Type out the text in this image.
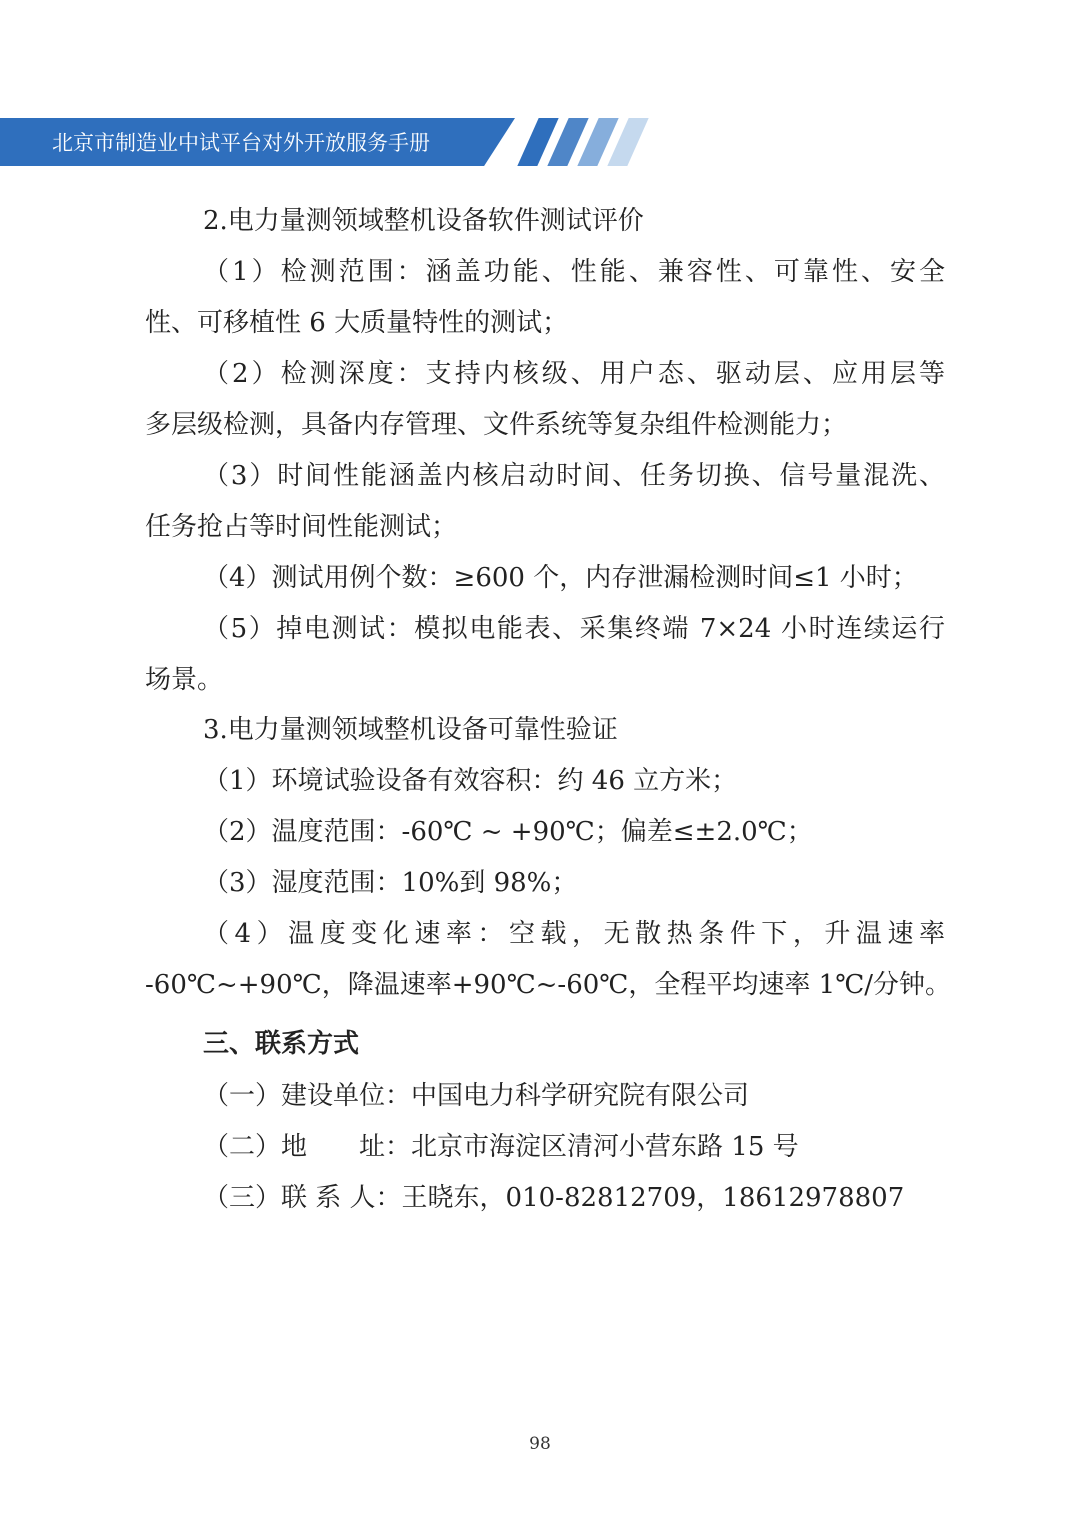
北京市制造业中试平台对外开放服务手册
2.电力量测领域整机设备软件测试评价
（1）检测范围：涵盖功能、性能、兼容性、可靠性、安全
性、可移植性 6 大质量特性的测试；
（2）检测深度：支持内核级、用户态、驱动层、应用层等
多层级检测，具备内存管理、文件系统等复杂组件检测能力；
（3）时间性能涵盖内核启动时间、任务切换、信号量混洗、
任务抢占等时间性能测试；
（4）测试用例个数：≥600 个，内存泄漏检测时间≤1 小时；
（5）掉电测试：模拟电能表、采集终端 7×24 小时连续运行
场景。
3.电力量测领域整机设备可靠性验证
（1）环境试验设备有效容积：约 46 立方米；
（2）温度范围：-60℃ ~ +90℃；偏差≤±2.0℃；
（3）湿度范围：10%到 98%；
（4）温度变化速率：空载，无散热条件下，升温速率
-60℃~+90℃，降温速率+90℃~-60℃，全程平均速率 1℃/分钟。
三、联系方式
（一）建设单位：中国电力科学研究院有限公司
（二）地　　址：北京市海淀区清河小营东路 15 号
（三）联 系 人：王晓东，010-82812709，18612978807
98
